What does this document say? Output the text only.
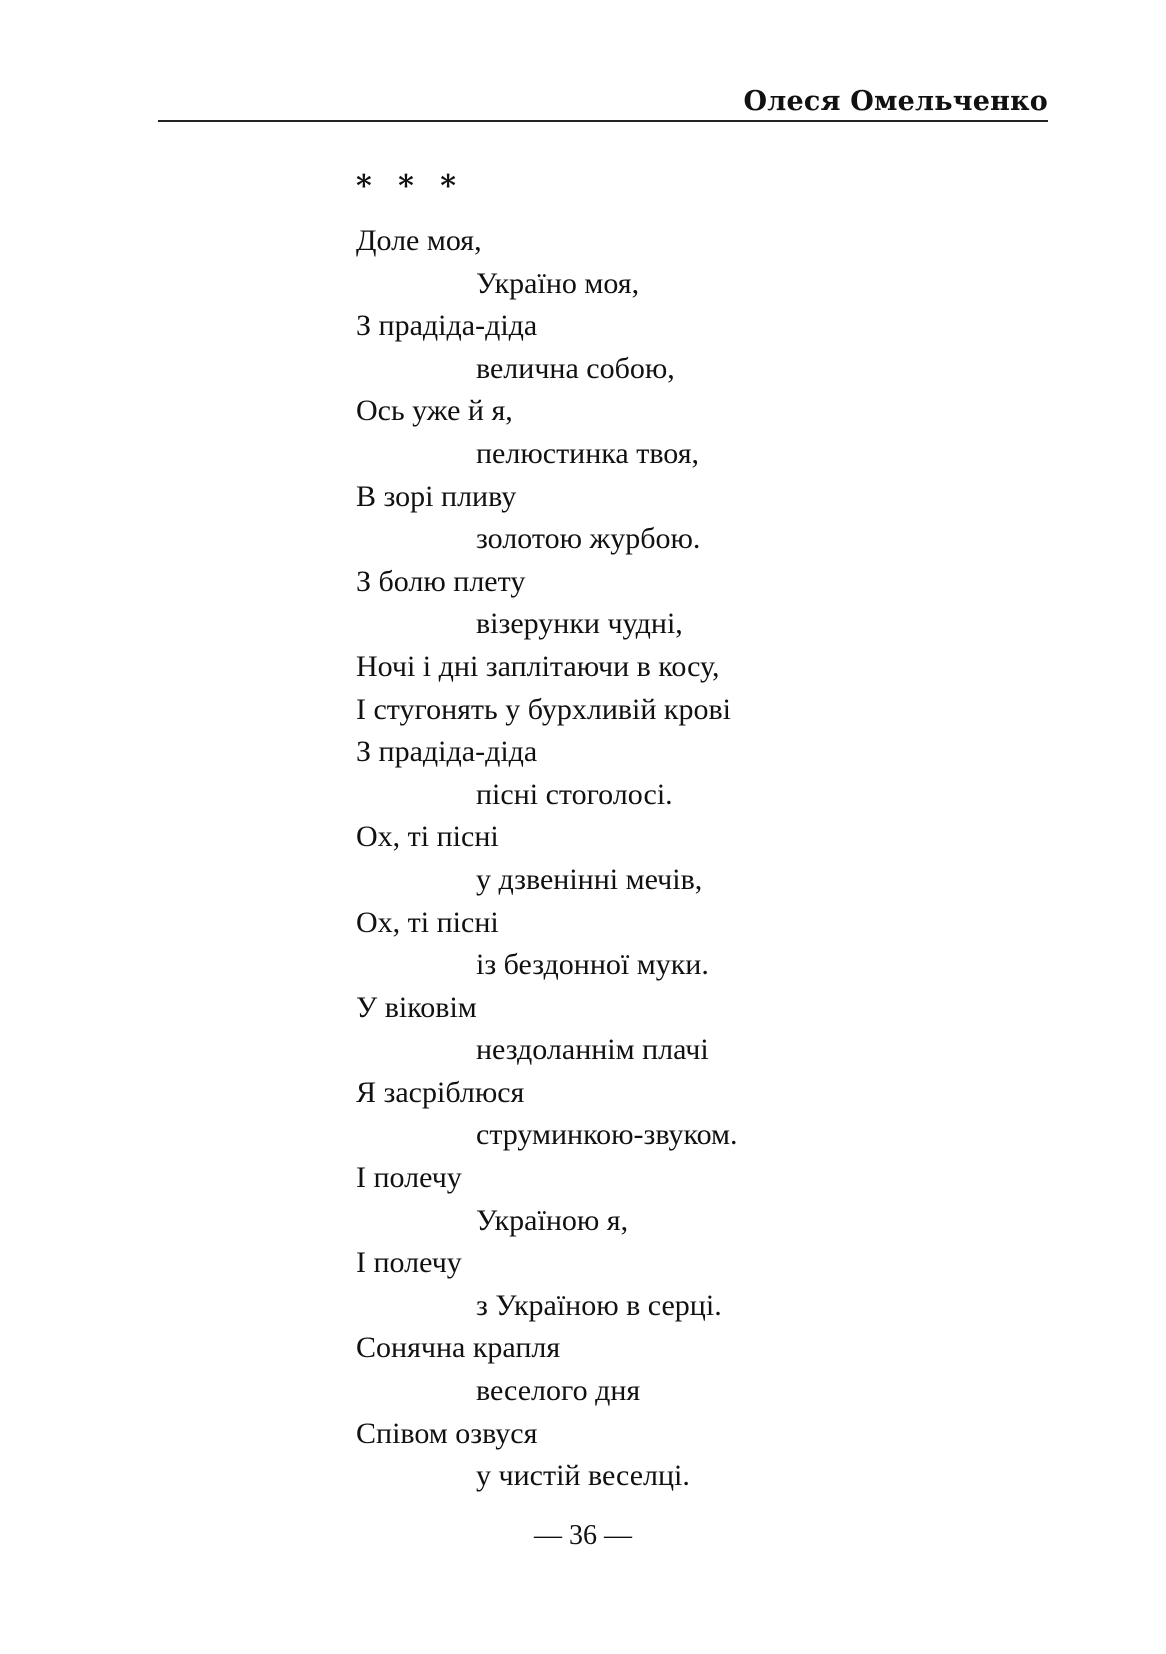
Олеся Омельченко
* * *
Доле моя,
Україно моя,
З прадіда-діда
велична собою,
Ось уже й я,
пелюстинка твоя,
В зорі пливу
золотою журбою.
З болю плету
візерунки чудні,
Ночі і дні заплітаючи в косу,
І стугонять у бурхливій крові
З прадіда-діда
пісні стоголосі.
Ох, ті пісні
у дзвенінні мечів,
Ох, ті пісні
із бездонної муки.
У віковім
нездоланнім плачі
Я засріблюся
струминкою-звуком.
І полечу
Україною я,
І полечу
з Україною в серці.
Сонячна крапля
веселого дня
Співом озвуся
у чистій веселці.
— 36 —
